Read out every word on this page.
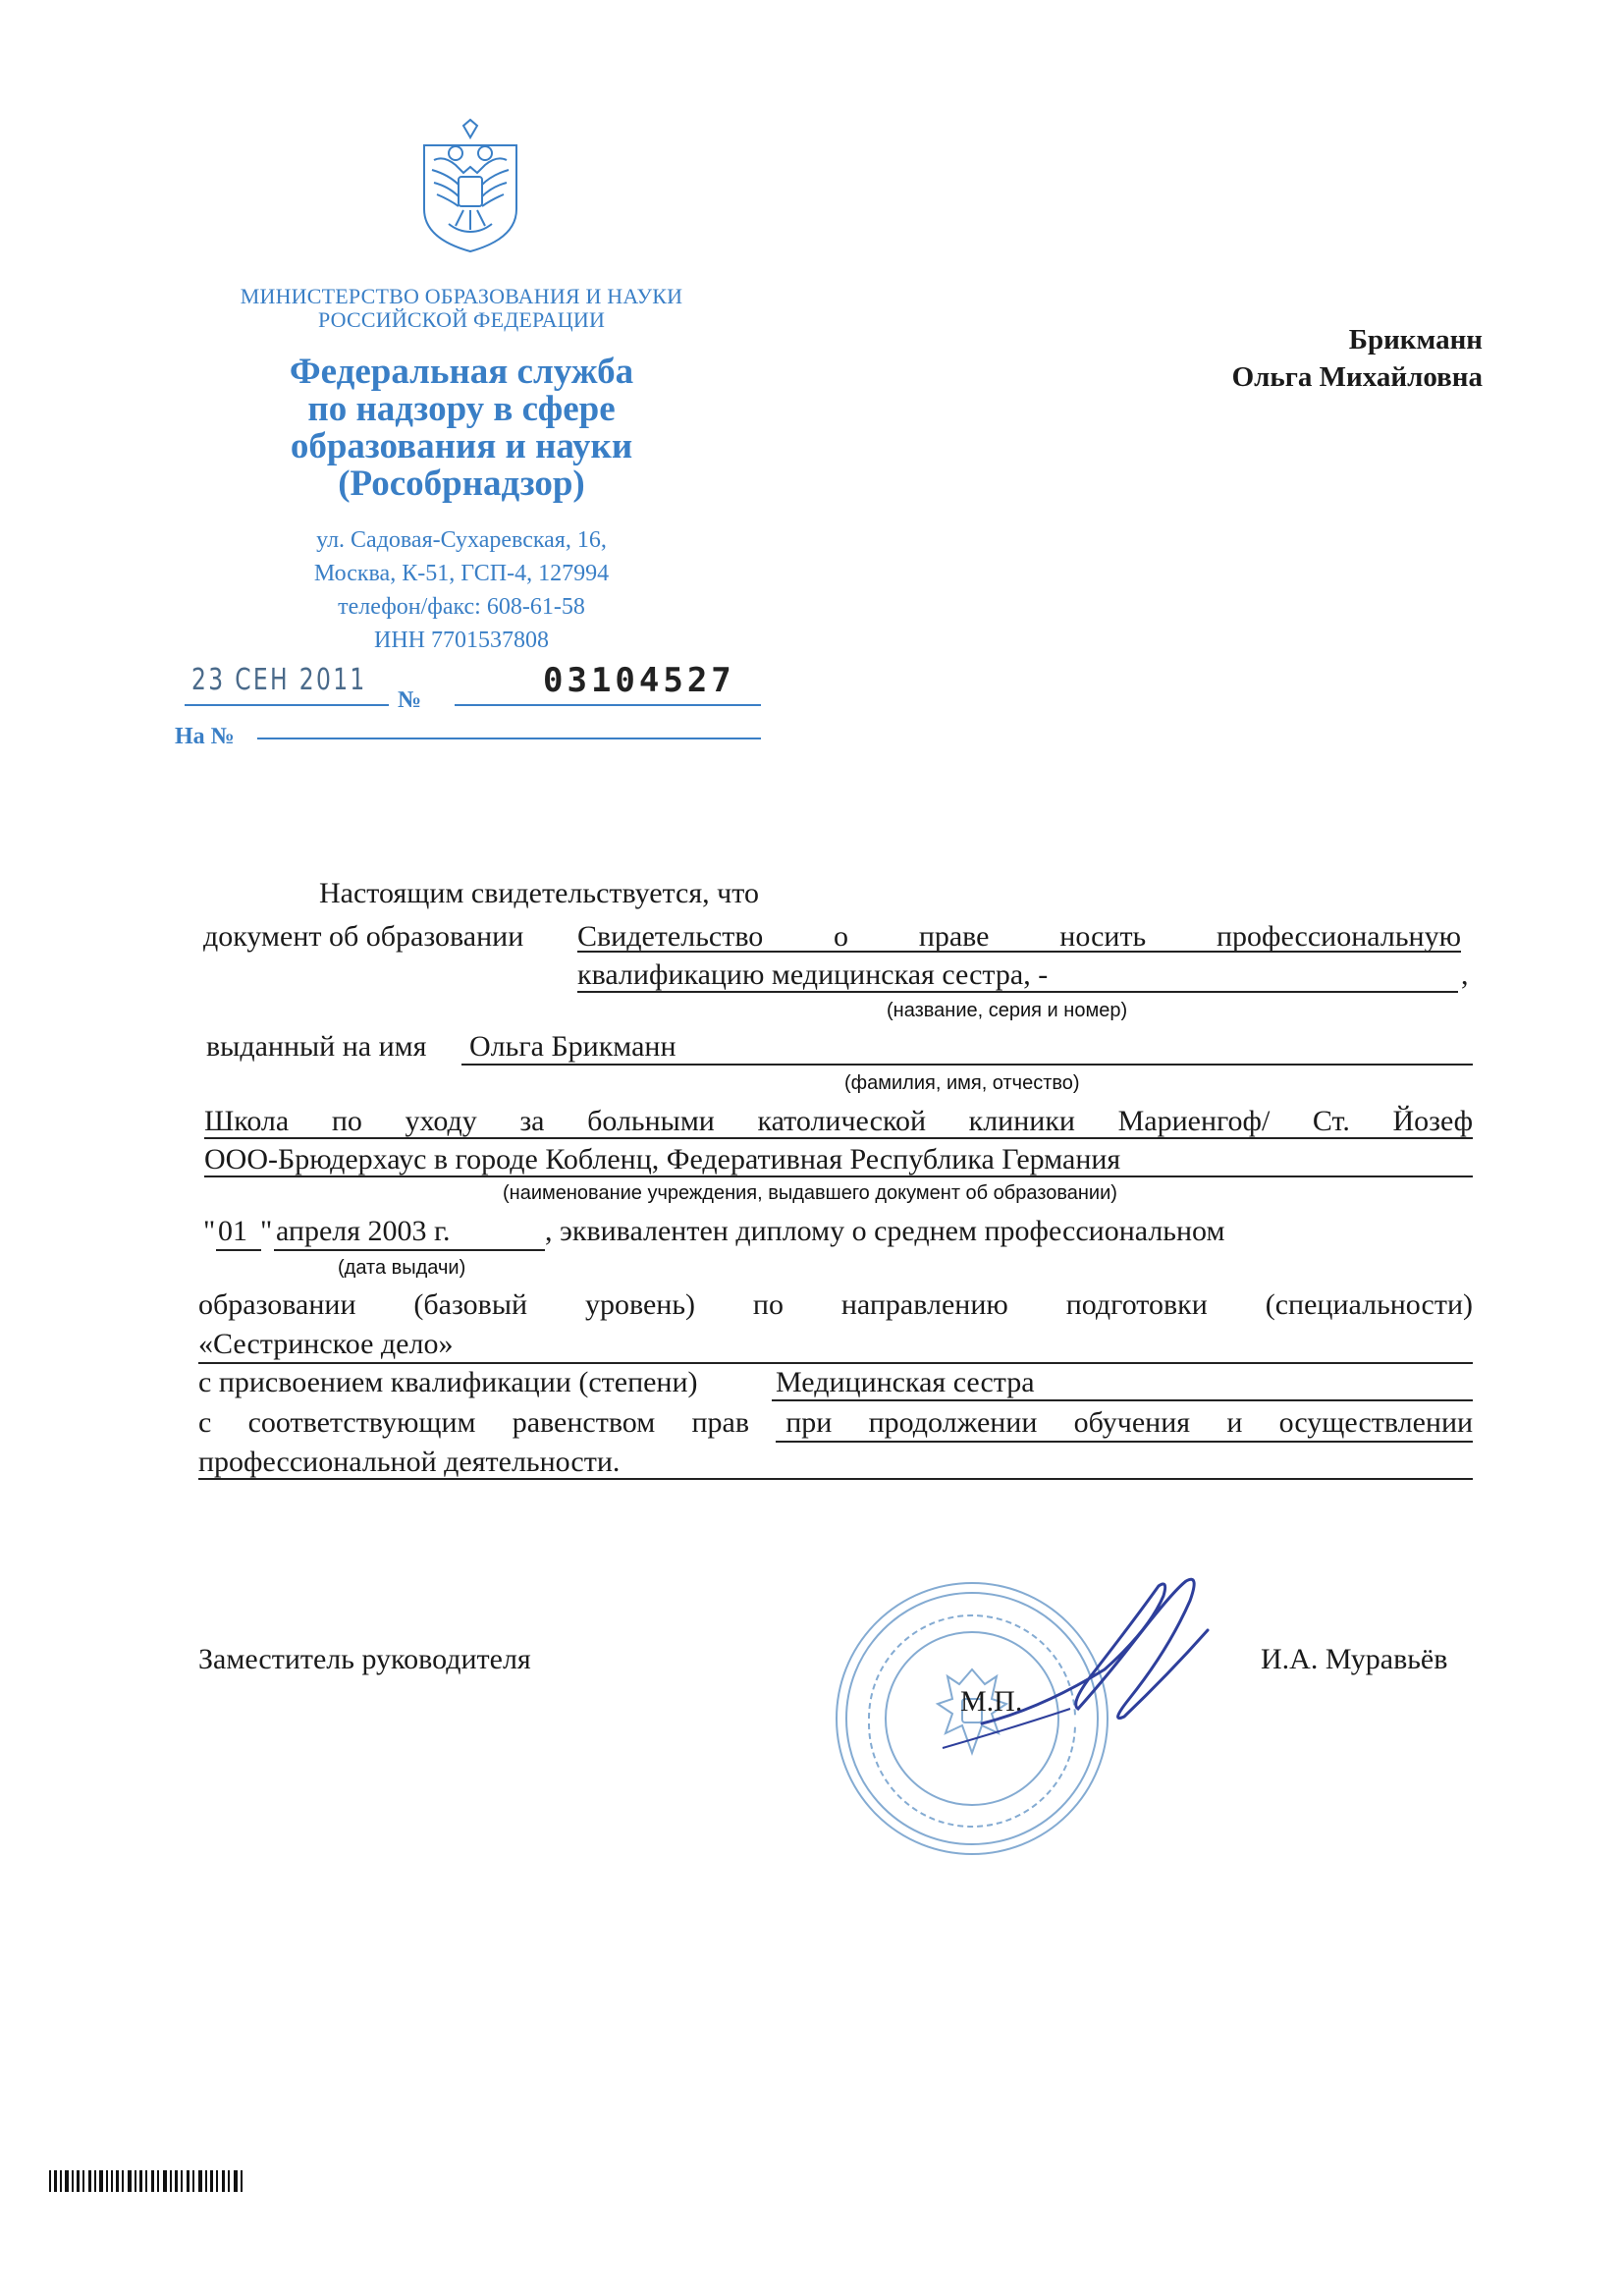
МИНИСТЕРСТВО ОБРАЗОВАНИЯ И НАУКИ
РОССИЙСКОЙ ФЕДЕРАЦИИ
Федеральная служба
по надзору в сфере
образования и науки
(Рособрнадзор)
ул. Садовая-Сухаревская, 16,
Москва, К-51, ГСП-4, 127994
телефон/факс: 608-61-58
ИНН 7701537808
23 СЕН 2011
№	03104527
На №
Брикманн
Ольга Михайловна
Настоящим свидетельствуется, что
документ об образовании Свидетельство о праве носить профессиональную
квалификацию медицинская сестра, -	,
(название, серия и номер)
выданный на имя Ольга Брикманн
(фамилия, имя, отчество)
Школа по уходу за больными католической клиники Мариенгоф/ Ст. Йозеф
ООО-Брюдерхаус в городе Кобленц, Федеративная Республика Германия
(наименование учреждения, выдавшего документ об образовании)
" 01 " апреля 2003 г.	, эквивалентен диплому о среднем профессиональном
(дата выдачи)
образовании (базовый уровень) по направлению подготовки (специальности)
«Сестринское дело»
с присвоением квалификации (степени)	Медицинская сестра
с соответствующим равенством прав при продолжении обучения и осуществлении
профессиональной деятельности.
Заместитель руководителя	И.А. Муравьёв
М.П.
